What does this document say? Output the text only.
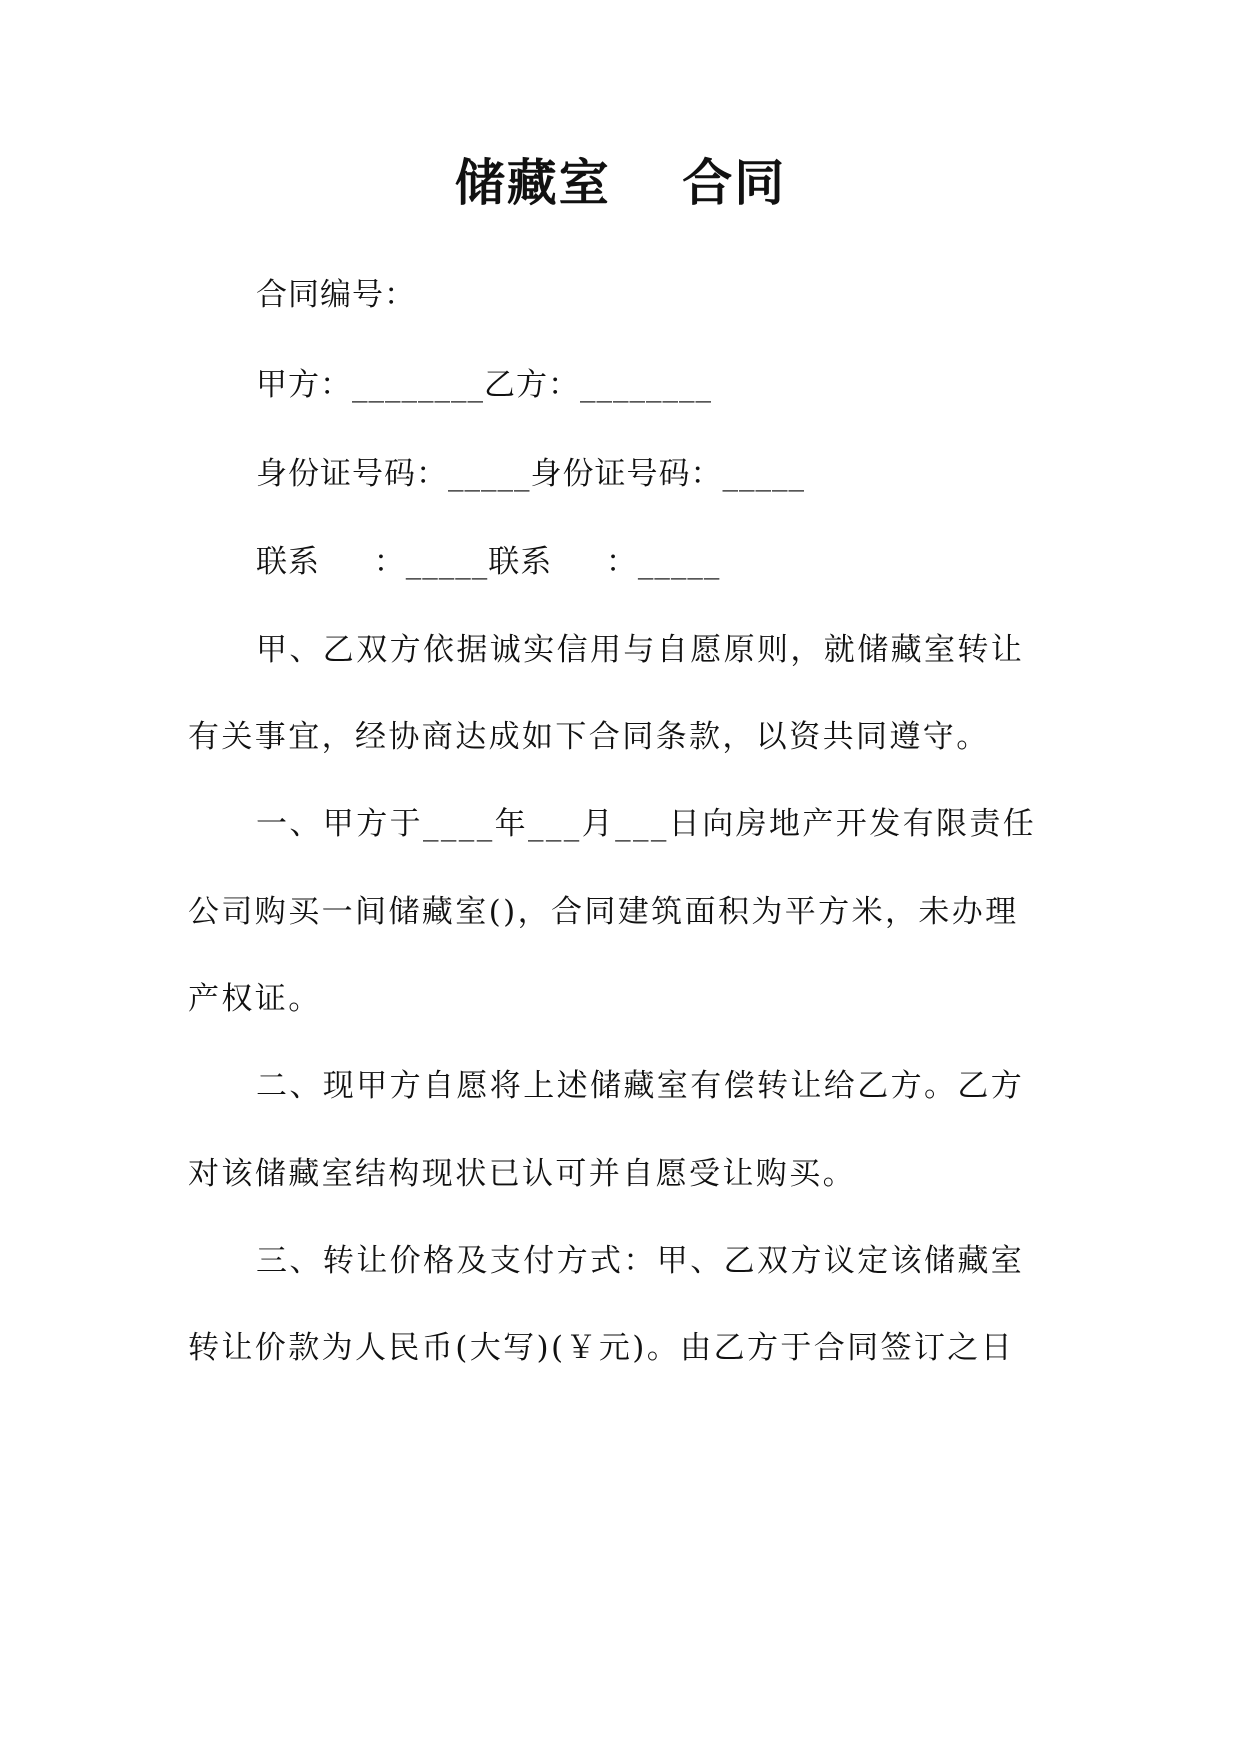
储藏室　 合同
合同编号：
甲方：________乙方：________
身份证号码：_____身份证号码：_____
联系　  ：_____联系　  ：_____
甲、乙双方依据诚实信用与自愿原则，就储藏室转让
有关事宜，经协商达成如下合同条款，以资共同遵守。
一、甲方于____年___月___日向房地产开发有限责任
公司购买一间储藏室()，合同建筑面积为平方米，未办理
产权证。
二、现甲方自愿将上述储藏室有偿转让给乙方。乙方
对该储藏室结构现状已认可并自愿受让购买。
三、转让价格及支付方式：甲、乙双方议定该储藏室
转让价款为人民币(大写)(￥元)。由乙方于合同签订之日
